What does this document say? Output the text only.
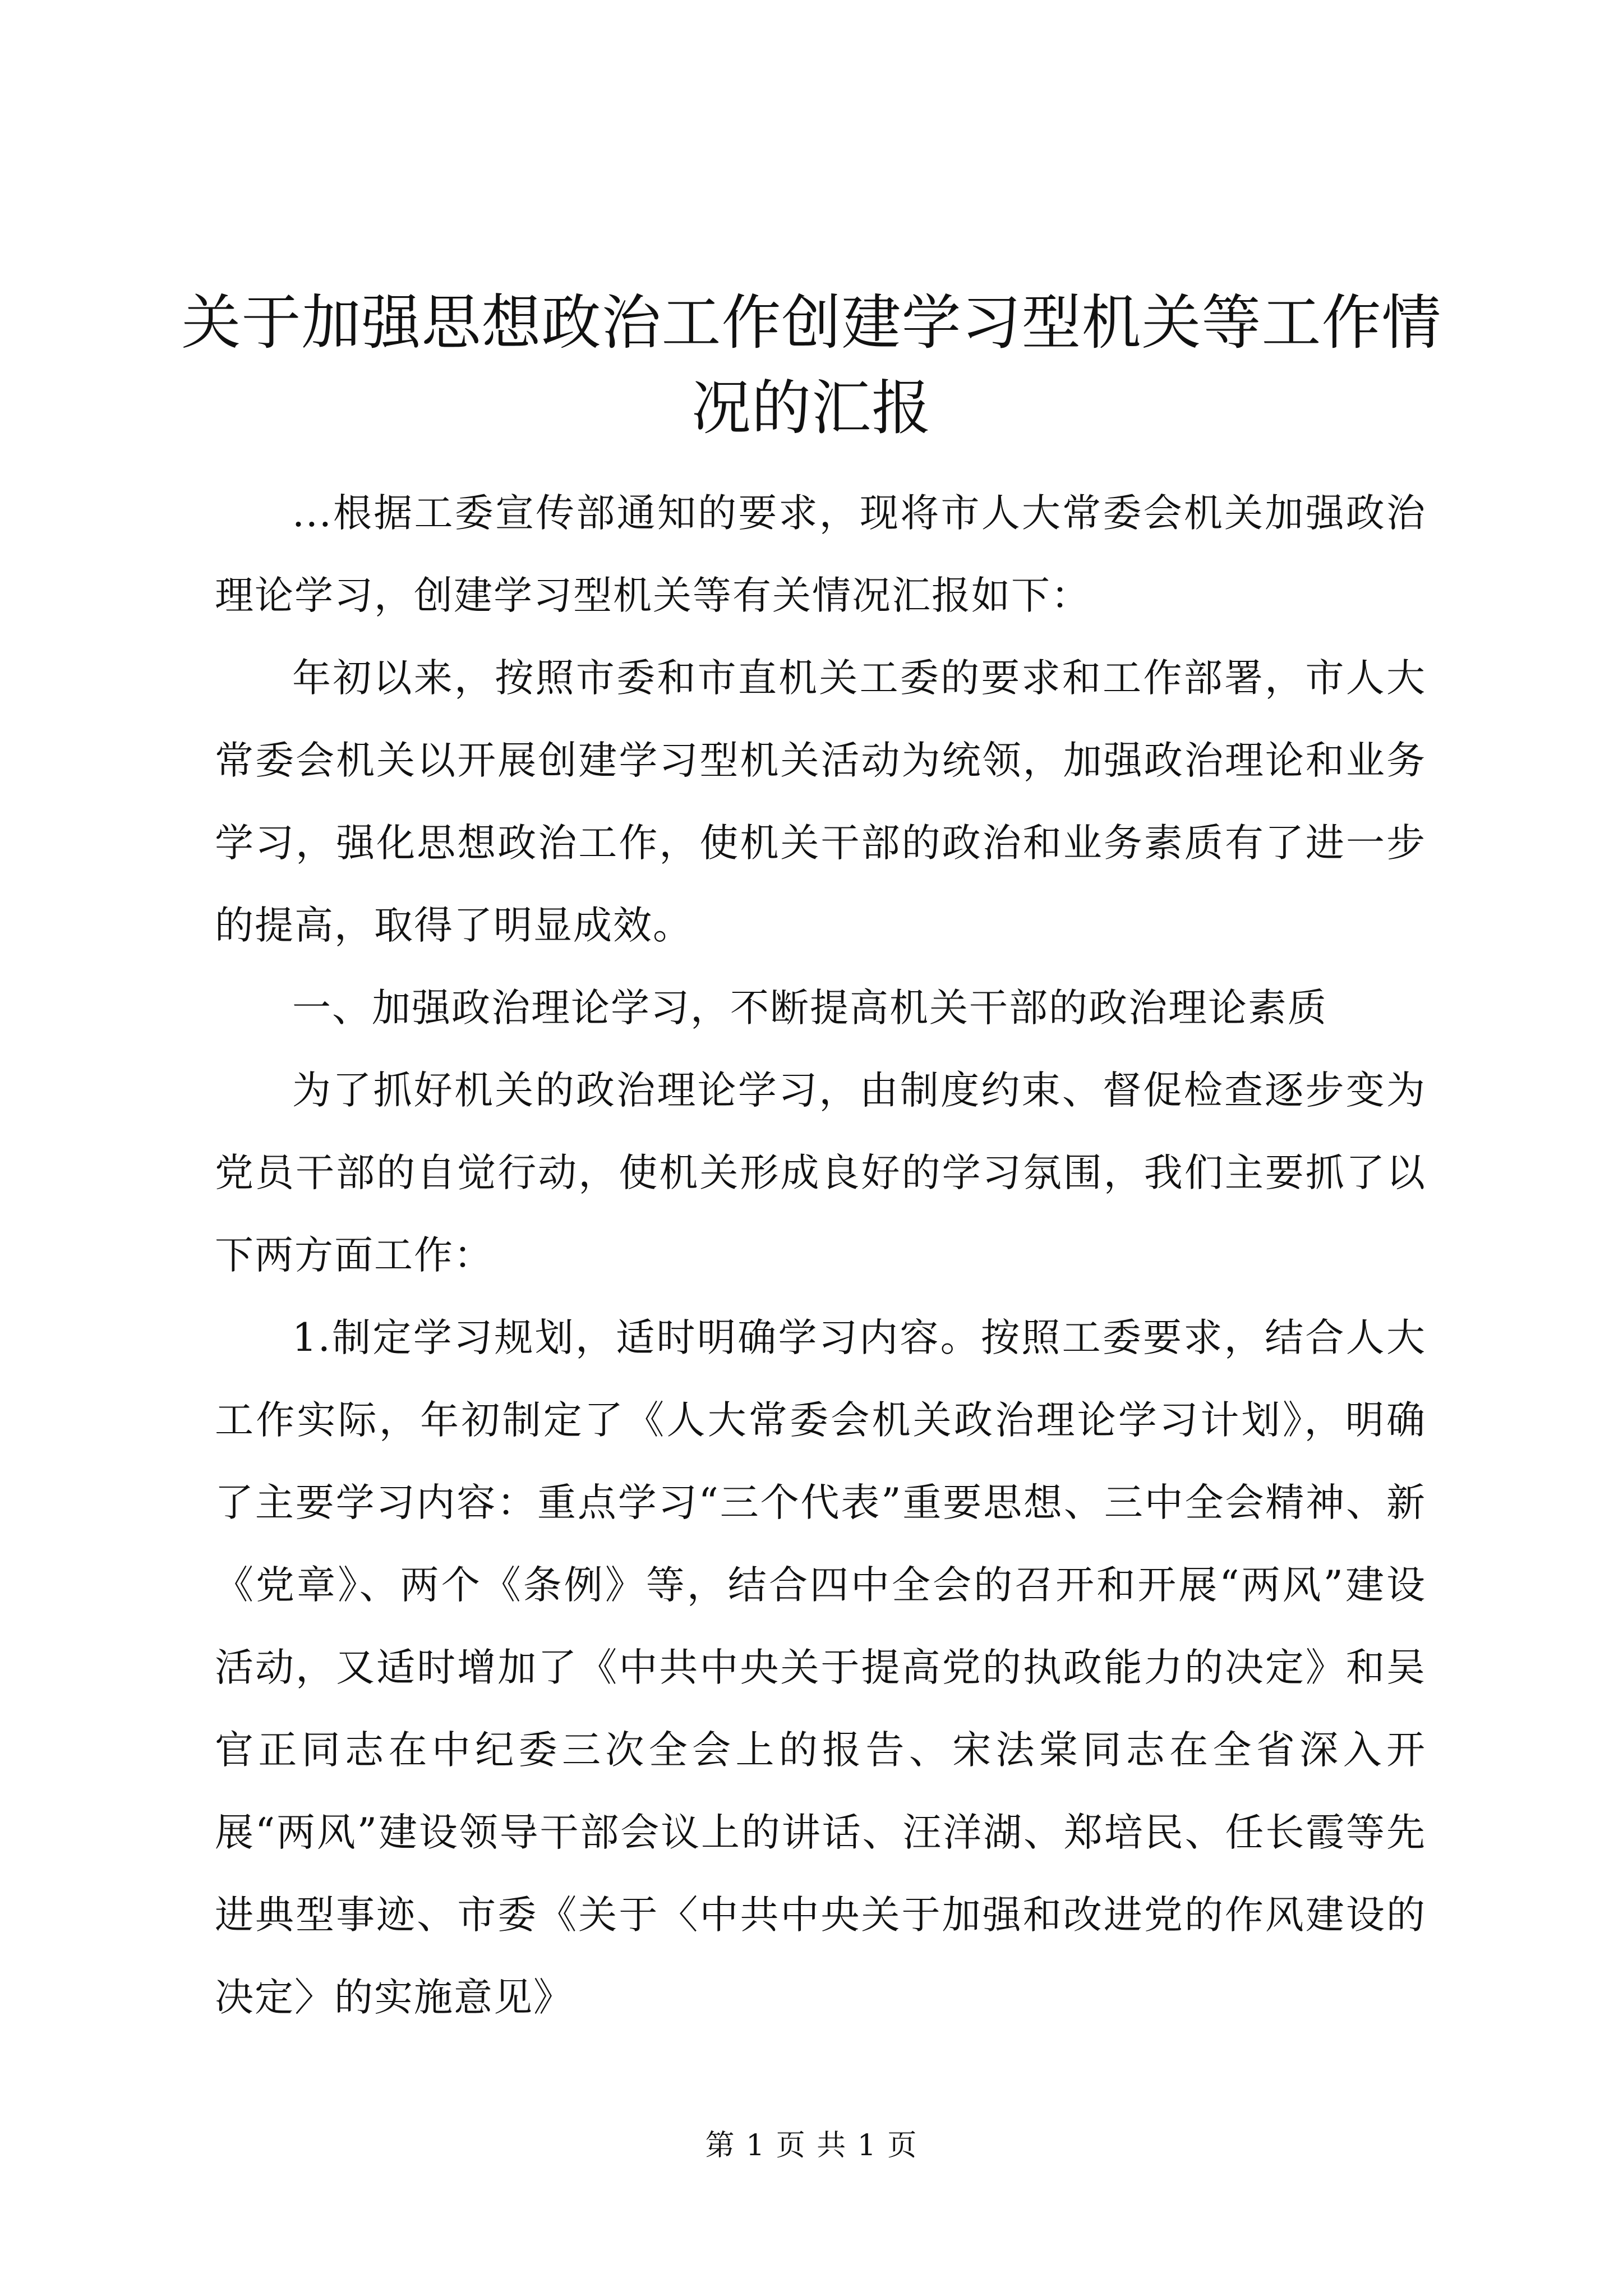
关于加强思想政治工作创建学习型机关等工作情况的汇报

...根据工委宣传部通知的要求，现将市人大常委会机关加强政治理论学习，创建学习型机关等有关情况汇报如下：

年初以来，按照市委和市直机关工委的要求和工作部署，市人大常委会机关以开展创建学习型机关活动为统领，加强政治理论和业务学习，强化思想政治工作，使机关干部的政治和业务素质有了进一步的提高，取得了明显成效。

一、加强政治理论学习，不断提高机关干部的政治理论素质

为了抓好机关的政治理论学习，由制度约束、督促检查逐步变为党员干部的自觉行动，使机关形成良好的学习氛围，我们主要抓了以下两方面工作：

1.制定学习规划，适时明确学习内容。按照工委要求，结合人大工作实际，年初制定了《人大常委会机关政治理论学习计划》，明确了主要学习内容：重点学习“三个代表”重要思想、三中全会精神、新《党章》、两个《条例》等，结合四中全会的召开和开展“两风”建设活动，又适时增加了《中共中央关于提高党的执政能力的决定》和吴官正同志在中纪委三次全会上的报告、宋法棠同志在全省深入开展“两风”建设领导干部会议上的讲话、汪洋湖、郑培民、任长霞等先进典型事迹、市委《关于〈中共中央关于加强和改进党的作风建设的决定〉的实施意见》

第 1 页 共 1 页
